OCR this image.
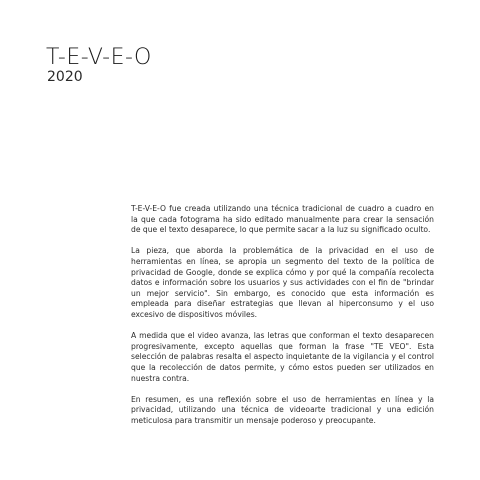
T-E-V-E-O
2020

T-E-V-E-O fue creada utilizando una técnica tradicional de cuadro a cuadro en la que cada fotograma ha sido editado manualmente para crear la sensación de que el texto desaparece, lo que permite sacar a la luz su significado oculto.

La pieza, que aborda la problemática de la privacidad en el uso de herramientas en línea, se apropia un segmento del texto de la política de privacidad de Google, donde se explica cómo y por qué la compañía recolecta datos e información sobre los usuarios y sus actividades con el fin de "brindar un mejor servicio". Sin embargo, es conocido que esta información es empleada para diseñar estrategias que llevan al hiperconsumo y el uso excesivo de dispositivos móviles.

A medida que el video avanza, las letras que conforman el texto desaparecen progresivamente, excepto aquellas que forman la frase "TE VEO". Esta selección de palabras resalta el aspecto inquietante de la vigilancia y el control que la recolección de datos permite, y cómo estos pueden ser utilizados en nuestra contra.

En resumen, es una reflexión sobre el uso de herramientas en línea y la privacidad, utilizando una técnica de videoarte tradicional y una edición meticulosa para transmitir un mensaje poderoso y preocupante.
